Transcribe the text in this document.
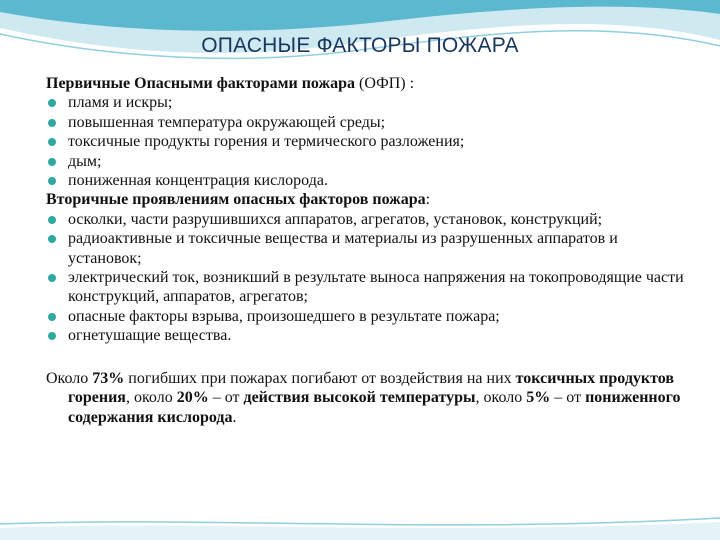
ОПАСНЫЕ ФАКТОРЫ ПОЖАРА

Первичные Опасными факторами пожара (ОФП) :

пламя и искры;
повышенная температура окружающей среды;
токсичные продукты горения и термического разложения;
дым;
пониженная концентрация кислорода.

Вторичные проявлениям опасных факторов пожара:

осколки, части разрушившихся аппаратов, агрегатов, установок, конструкций;
радиоактивные и токсичные вещества и материалы из разрушенных аппаратов и установок;
электрический ток, возникший в результате выноса напряжения на токопроводящие части конструкций, аппаратов, агрегатов;
опасные факторы взрыва, произошедшего в результате пожара;
огнетушащие вещества.

Около 73% погибших при пожарах погибают от воздействия на них токсичных продуктов горения, около 20% – от действия высокой температуры, около 5% – от пониженного содержания кислорода.
